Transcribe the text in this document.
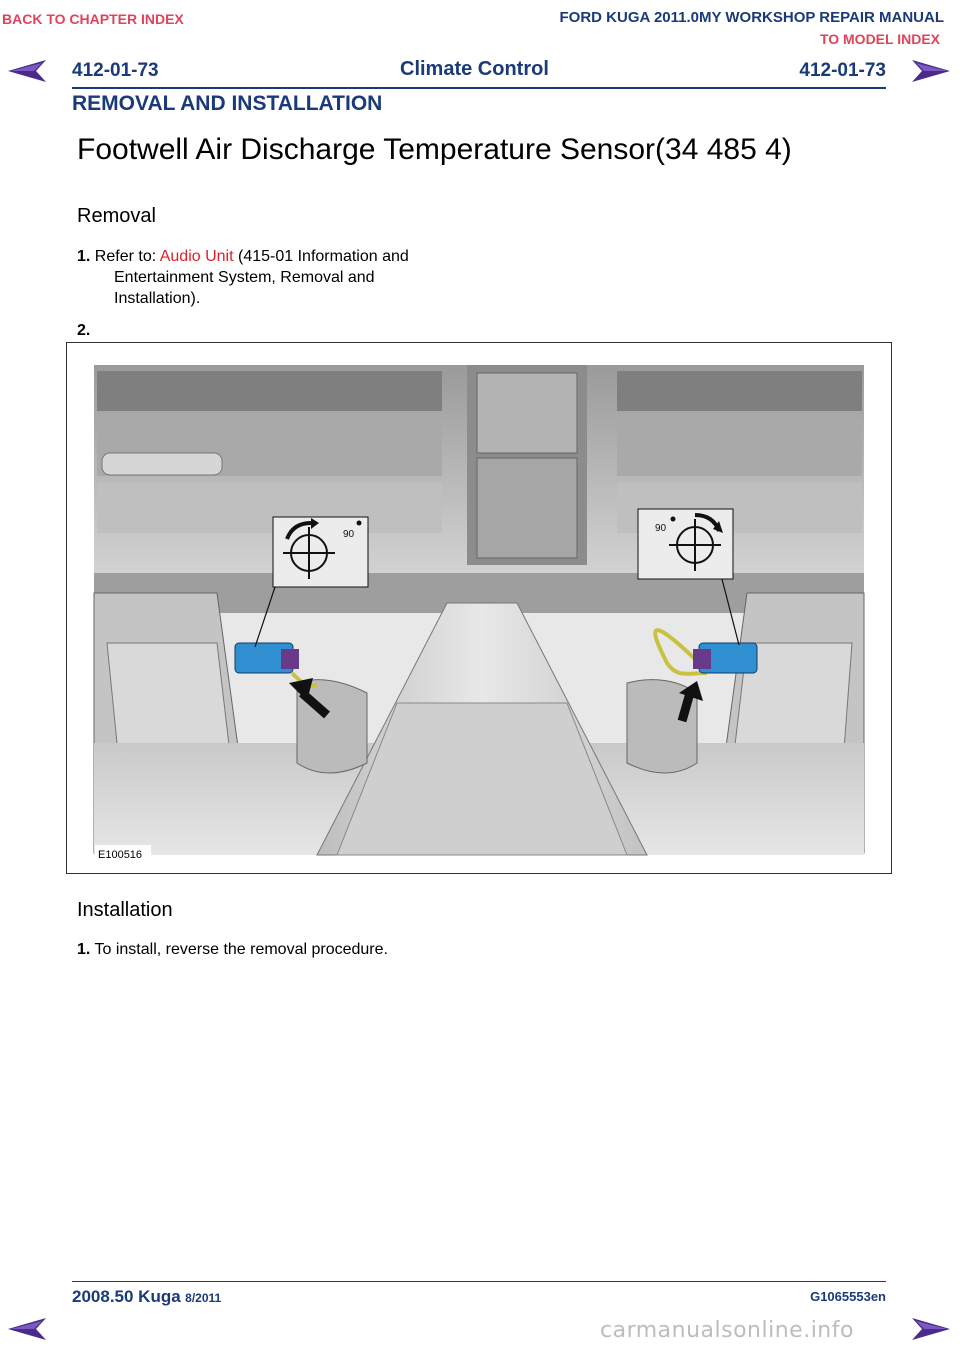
BACK TO CHAPTER INDEX	FORD KUGA 2011.0MY WORKSHOP REPAIR MANUAL
TO MODEL INDEX
412-01-73	Climate Control	412-01-73
REMOVAL AND INSTALLATION
Footwell Air Discharge Temperature Sensor(34 485 4)
Removal
1. Refer to: Audio Unit (415-01 Information and
Entertainment System, Removal and
Installation).
2.
90
90
E100516
Installation
1. To install, reverse the removal procedure.
2008.50 Kuga 8/2011	G1065553en
carmanualsonline.info
